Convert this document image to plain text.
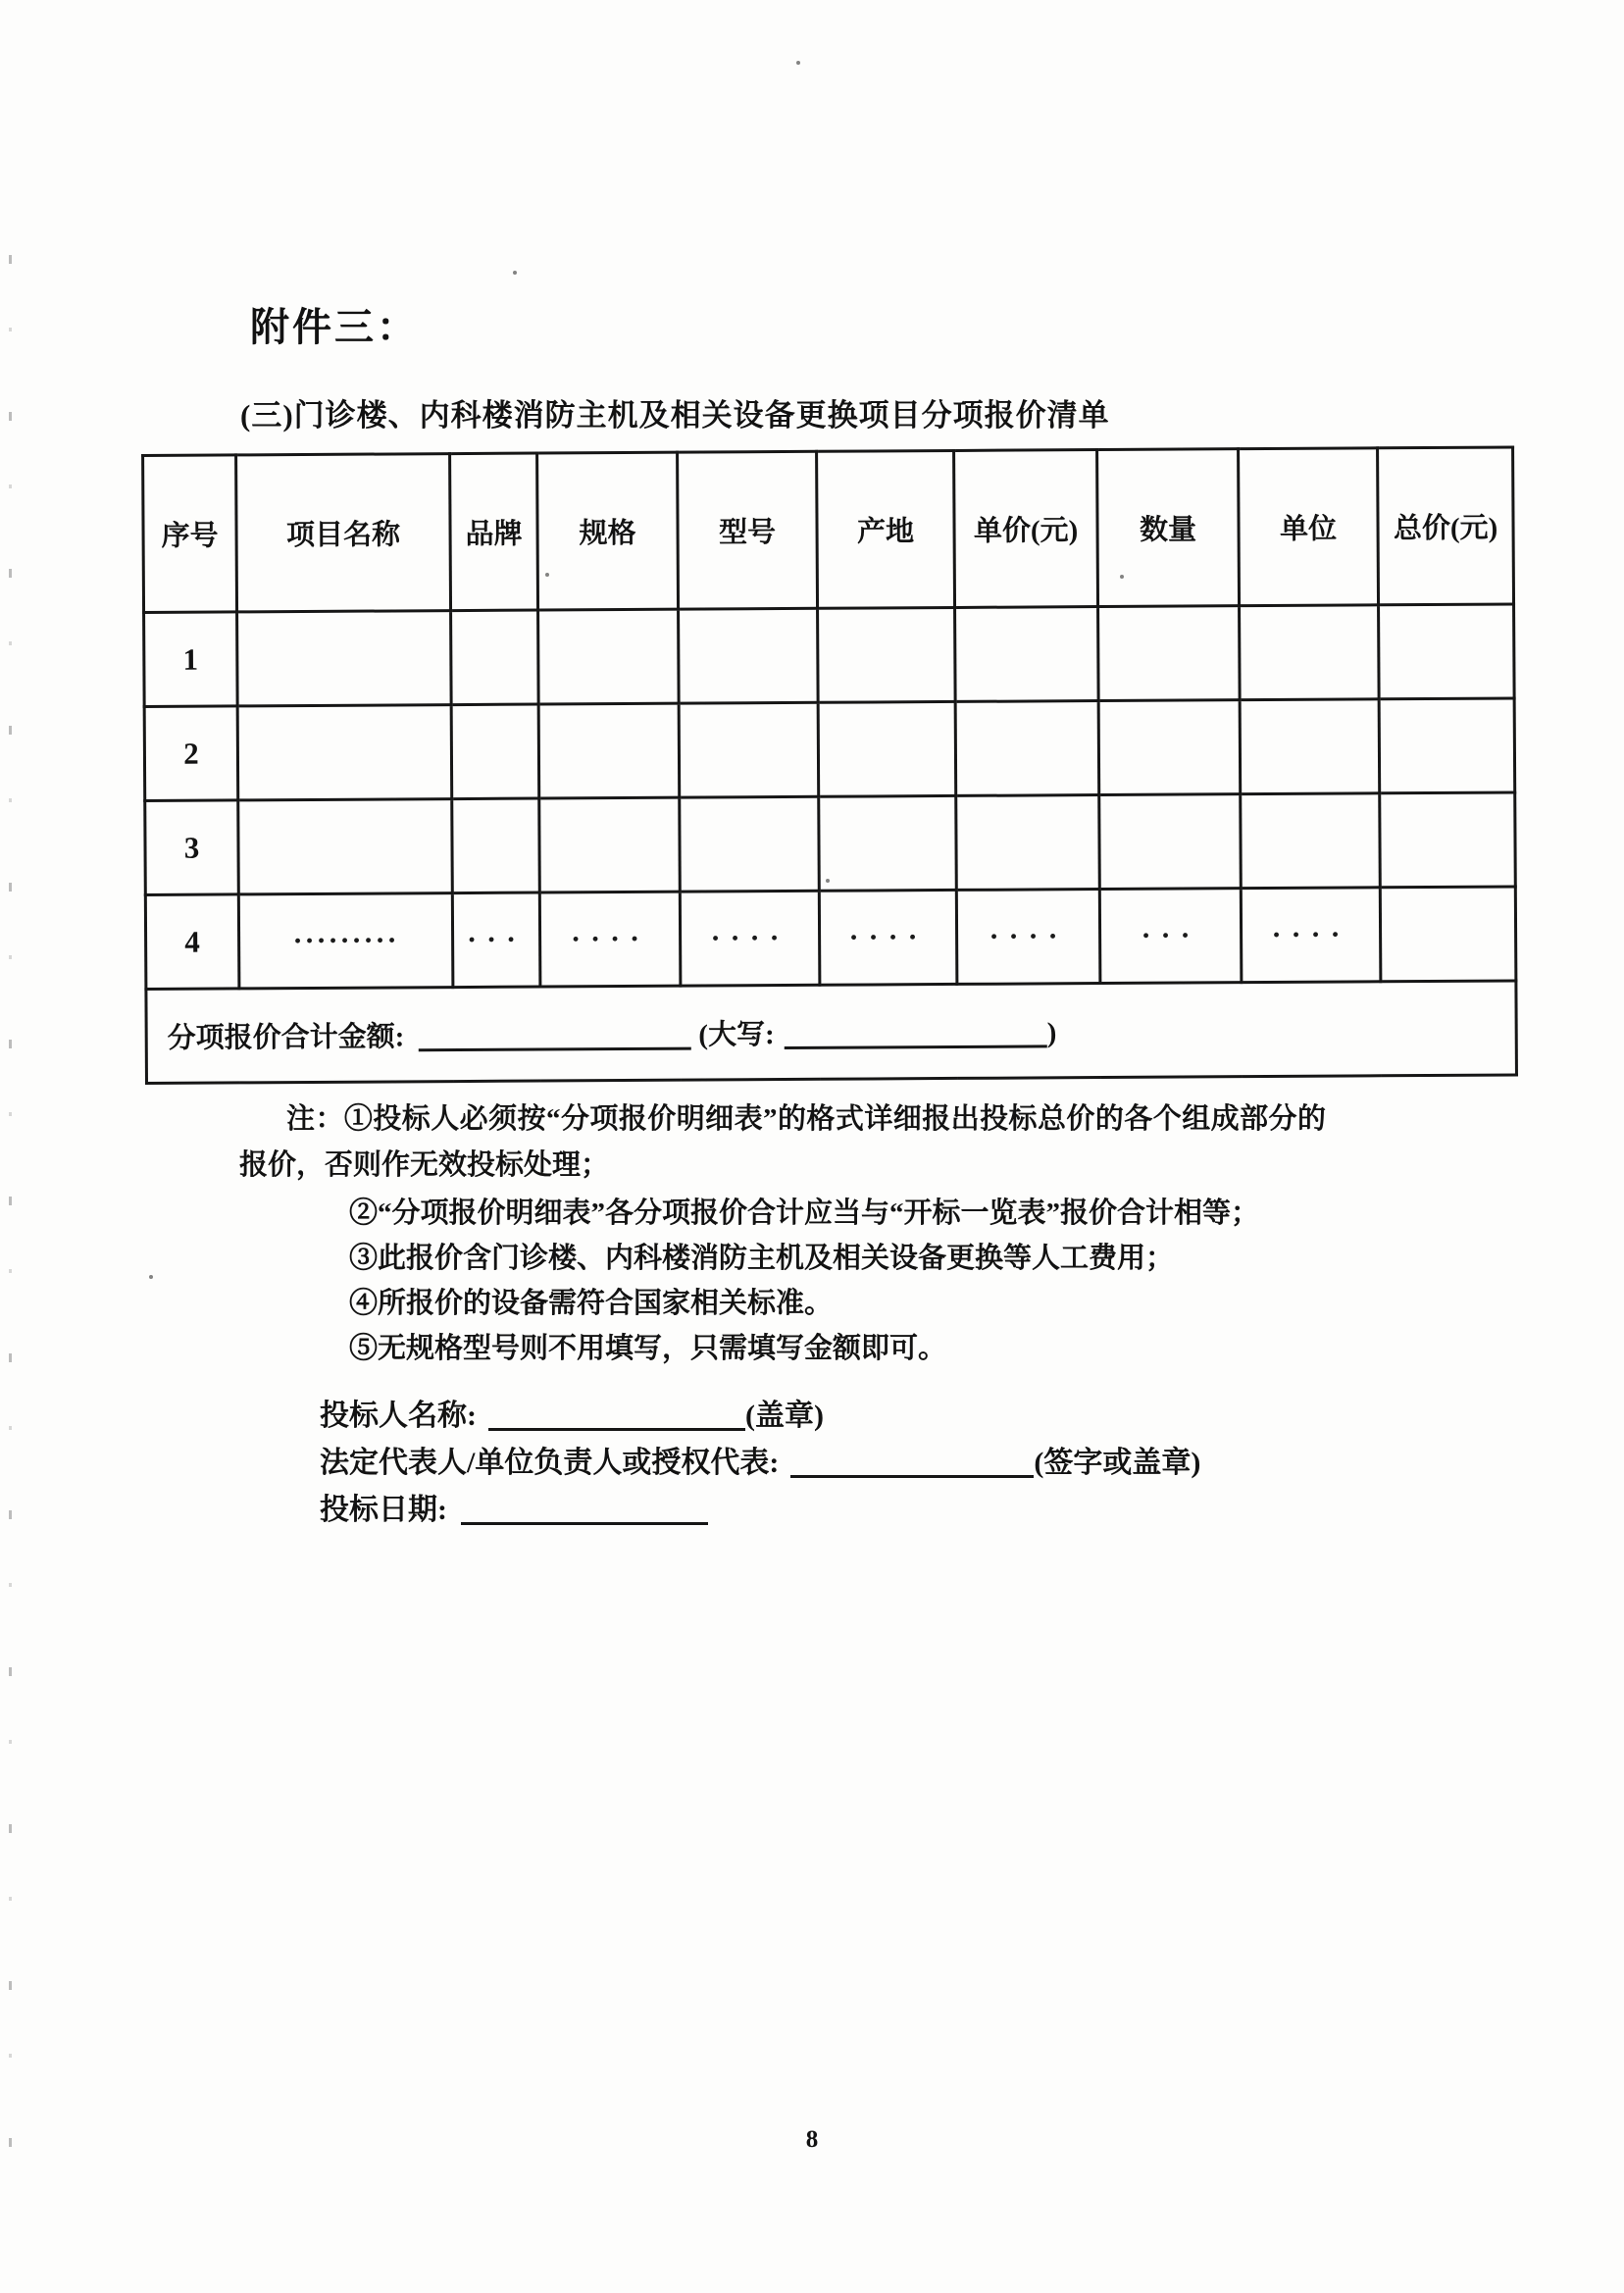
附件三：
(三)门诊楼、内科楼消防主机及相关设备更换项目分项报价清单
序号	项目名称	品牌	规格	型号	产地	单价(元)	数量	单位	总价(元)
1									
2									
3									
4	·········	···	····	····	····	····	···	····	
分项报价合计金额: (大写: )									

注：①投标人必须按“分项报价明细表”的格式详细报出投标总价的各个组成部分的报价，否则作无效投标处理；

②“分项报价明细表”各分项报价合计应当与“开标一览表”报价合计相等；
③此报价含门诊楼、内科楼消防主机及相关设备更换等人工费用；
④所报价的设备需符合国家相关标准。
⑤无规格型号则不用填写，只需填写金额即可。
投标人名称:	(盖章)
法定代表人/单位负责人或授权代表:	(签字或盖章)
投标日期:
8
